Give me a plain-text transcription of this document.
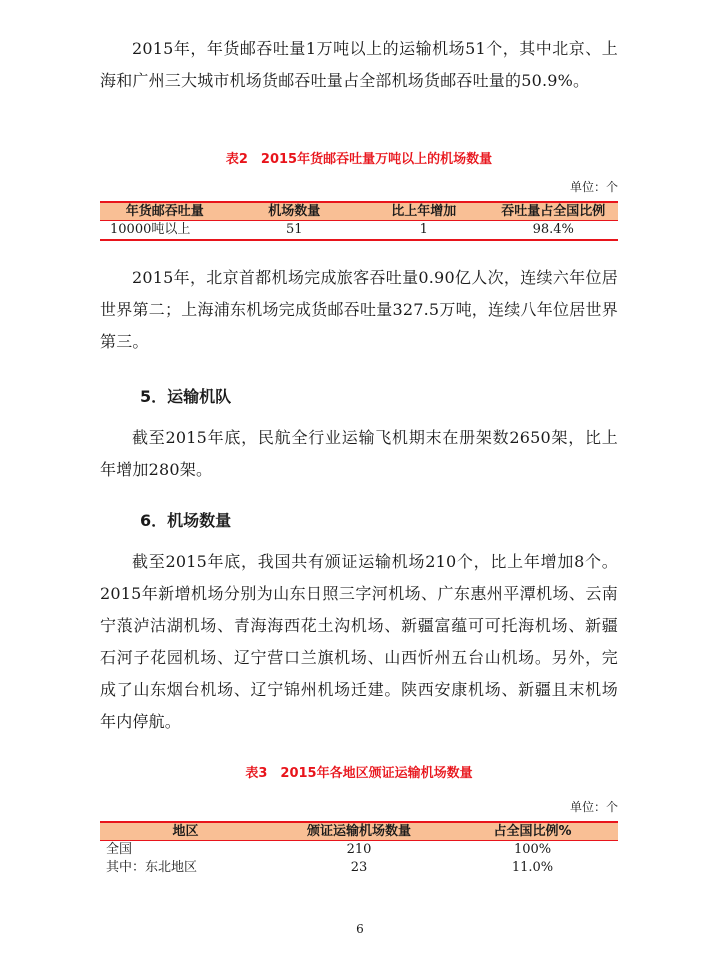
2015年，年货邮吞吐量1万吨以上的运输机场51个，其中北京、上海和广州三大城市机场货邮吞吐量占全部机场货邮吞吐量的50.9%。

表2　2015年货邮吞吐量万吨以上的机场数量
单位：个
年货邮吞吐量	机场数量	比上年增加	吞吐量占全国比例
10000吨以上	51	1	98.4%

2015年，北京首都机场完成旅客吞吐量0.90亿人次，连续六年位居世界第二；上海浦东机场完成货邮吞吐量327.5万吨，连续八年位居世界第三。

5．运输机队

截至2015年底，民航全行业运输飞机期末在册架数2650架，比上年增加280架。

6．机场数量

截至2015年底，我国共有颁证运输机场210个，比上年增加8个。2015年新增机场分别为山东日照三字河机场、广东惠州平潭机场、云南宁蒗泸沽湖机场、青海海西花土沟机场、新疆富蕴可可托海机场、新疆石河子花园机场、辽宁营口兰旗机场、山西忻州五台山机场。另外，完成了山东烟台机场、辽宁锦州机场迁建。陕西安康机场、新疆且末机场年内停航。

表3　2015年各地区颁证运输机场数量
单位：个
地区	颁证运输机场数量	占全国比例%
全国	210	100%
其中：东北地区	23	11.0%
6
